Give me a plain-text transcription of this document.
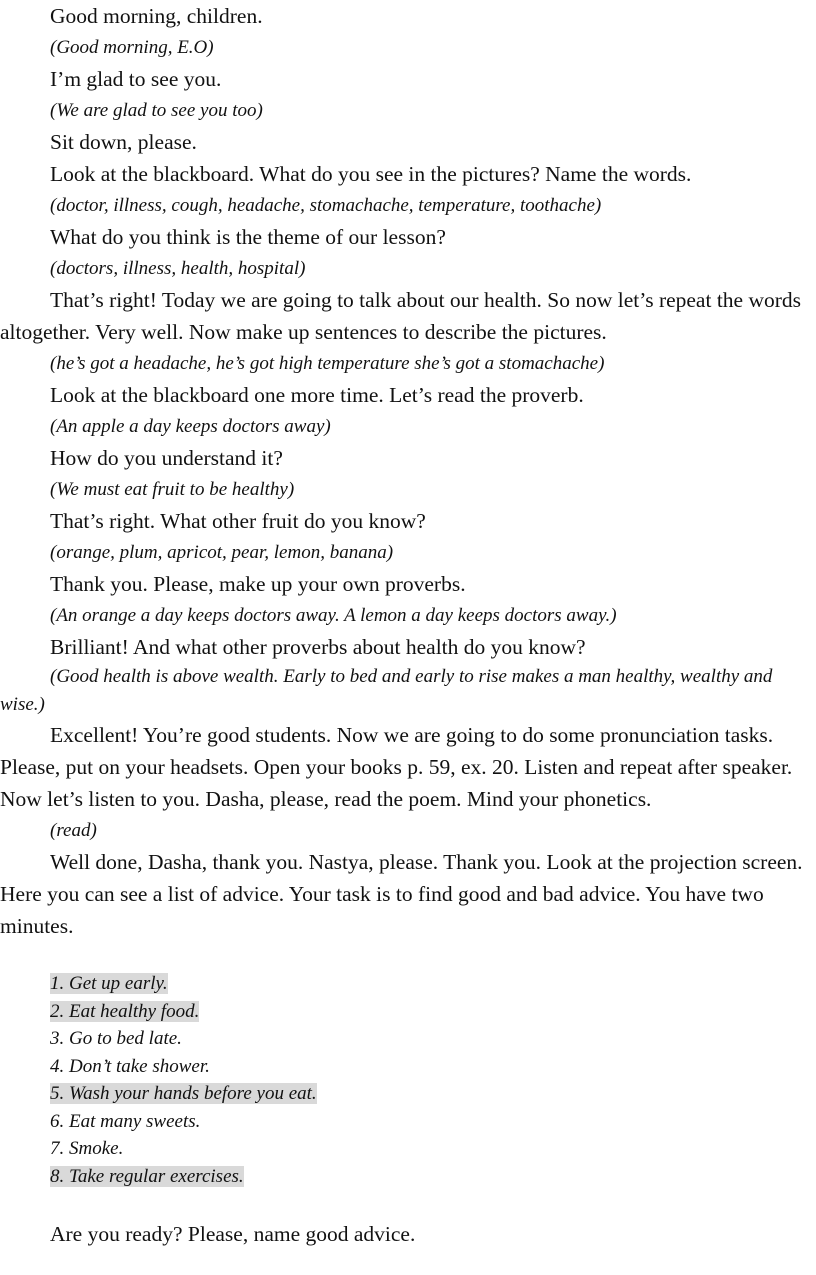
Good morning, children.

(Good morning, E.O)

I’m glad to see you.

(We are glad to see you too)

Sit down, please.

Look at the blackboard. What do you see in the pictures? Name the words.

(doctor, illness, cough, headache, stomachache, temperature, toothache)

What do you think is the theme of our lesson?

(doctors, illness, health, hospital)

That’s right! Today we are going to talk about our health. So now let’s repeat the words altogether. Very well. Now make up sentences to describe the pictures.

(he’s got a headache, he’s got high temperature she’s got a stomachache)

Look at the blackboard one more time. Let’s read the proverb.

(An apple a day keeps doctors away)

How do you understand it?

(We must eat fruit to be healthy)

That’s right. What other fruit do you know?

(orange, plum, apricot, pear, lemon, banana)

Thank you. Please, make up your own proverbs.

(An orange a day keeps doctors away. A lemon a day keeps doctors away.)

Brilliant! And what other proverbs about health do you know?

(Good health is above wealth. Early to bed and early to rise makes a man healthy, wealthy and wise.)

Excellent! You’re good students. Now we are going to do some pronunciation tasks. Please, put on your headsets. Open your books p. 59, ex. 20. Listen and repeat after speaker. Now let’s listen to you. Dasha, please, read the poem. Mind your phonetics.

(read)

Well done, Dasha, thank you. Nastya, please. Thank you. Look at the projection screen. Here you can see a list of advice. Your task is to find good and bad advice. You have two minutes.

1. Get up early.
2. Eat healthy food.
3. Go to bed late.
4. Don’t take shower.
5. Wash your hands before you eat.
6. Eat many sweets.
7. Smoke.
8. Take regular exercises.

Are you ready? Please, name good advice.
